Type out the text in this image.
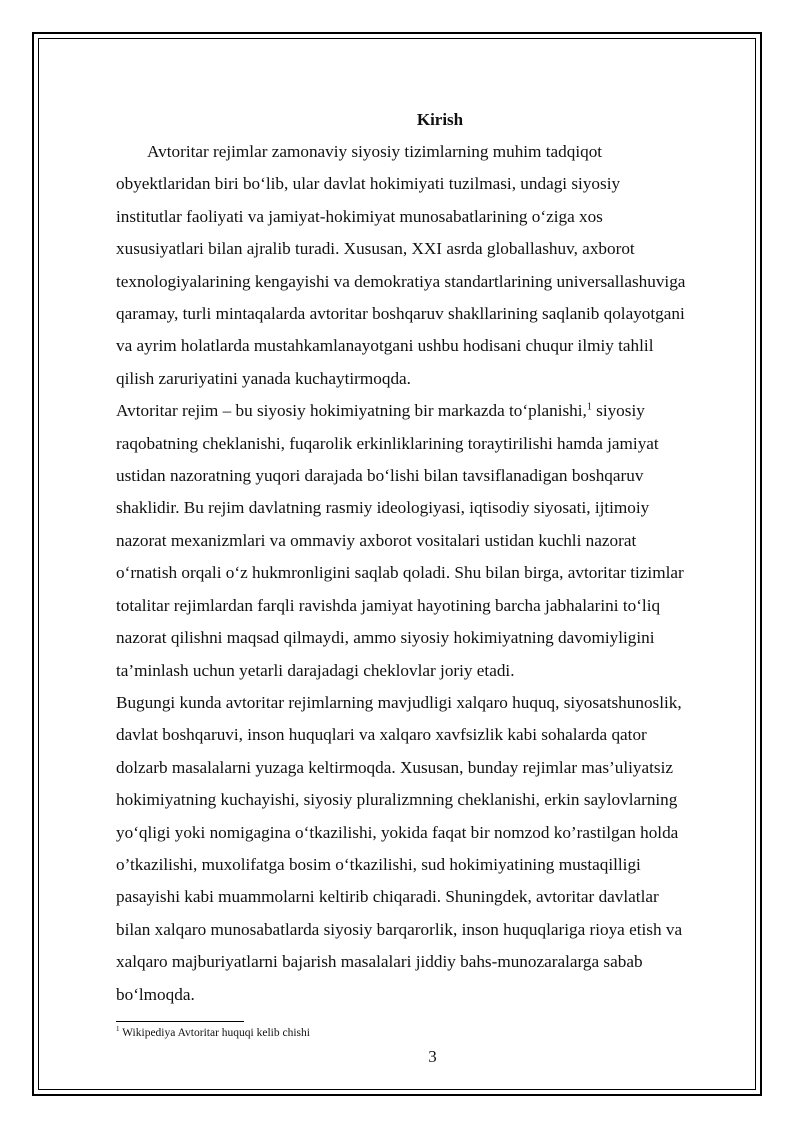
Kirish

Avtoritar rejimlar zamonaviy siyosiy tizimlarning muhim tadqiqot
obyektlaridan biri bo‘lib, ular davlat hokimiyati tuzilmasi, undagi siyosiy
institutlar faoliyati va jamiyat-hokimiyat munosabatlarining o‘ziga xos
xususiyatlari bilan ajralib turadi. Xususan, XXI asrda globallashuv, axborot
texnologiyalarining kengayishi va demokratiya standartlarining universallashuviga
qaramay, turli mintaqalarda avtoritar boshqaruv shakllarining saqlanib qolayotgani
va ayrim holatlarda mustahkamlanayotgani ushbu hodisani chuqur ilmiy tahlil
qilish zaruriyatini yanada kuchaytirmoqda.
Avtoritar rejim – bu siyosiy hokimiyatning bir markazda to‘planishi,$^1$ siyosiy
raqobatning cheklanishi, fuqarolik erkinliklarining toraytirilishi hamda jamiyat
ustidan nazoratning yuqori darajada bo‘lishi bilan tavsiflanadigan boshqaruv
shaklidir. Bu rejim davlatning rasmiy ideologiyasi, iqtisodiy siyosati, ijtimoiy
nazorat mexanizmlari va ommaviy axborot vositalari ustidan kuchli nazorat
o‘rnatish orqali o‘z hukmronligini saqlab qoladi. Shu bilan birga, avtoritar tizimlar
totalitar rejimlardan farqli ravishda jamiyat hayotining barcha jabhalarini to‘liq
nazorat qilishni maqsad qilmaydi, ammo siyosiy hokimiyatning davomiyligini
ta’minlash uchun yetarli darajadagi cheklovlar joriy etadi.
Bugungi kunda avtoritar rejimlarning mavjudligi xalqaro huquq, siyosatshunoslik,
davlat boshqaruvi, inson huquqlari va xalqaro xavfsizlik kabi sohalarda qator
dolzarb masalalarni yuzaga keltirmoqda. Xususan, bunday rejimlar mas’uliyatsiz
hokimiyatning kuchayishi, siyosiy pluralizmning cheklanishi, erkin saylovlarning
yo‘qligi yoki nomigagina o‘tkazilishi, yokida faqat bir nomzod ko’rastilgan holda
o’tkazilishi, muxolifatga bosim o‘tkazilishi, sud hokimiyatining mustaqilligi
pasayishi kabi muammolarni keltirib chiqaradi. Shuningdek, avtoritar davlatlar
bilan xalqaro munosabatlarda siyosiy barqarorlik, inson huquqlariga rioya etish va
xalqaro majburiyatlarni bajarish masalalari jiddiy bahs-munozaralarga sabab
bo‘lmoqda.

$^1$ Wikipediya Avtoritar huquqi kelib chishi

3
